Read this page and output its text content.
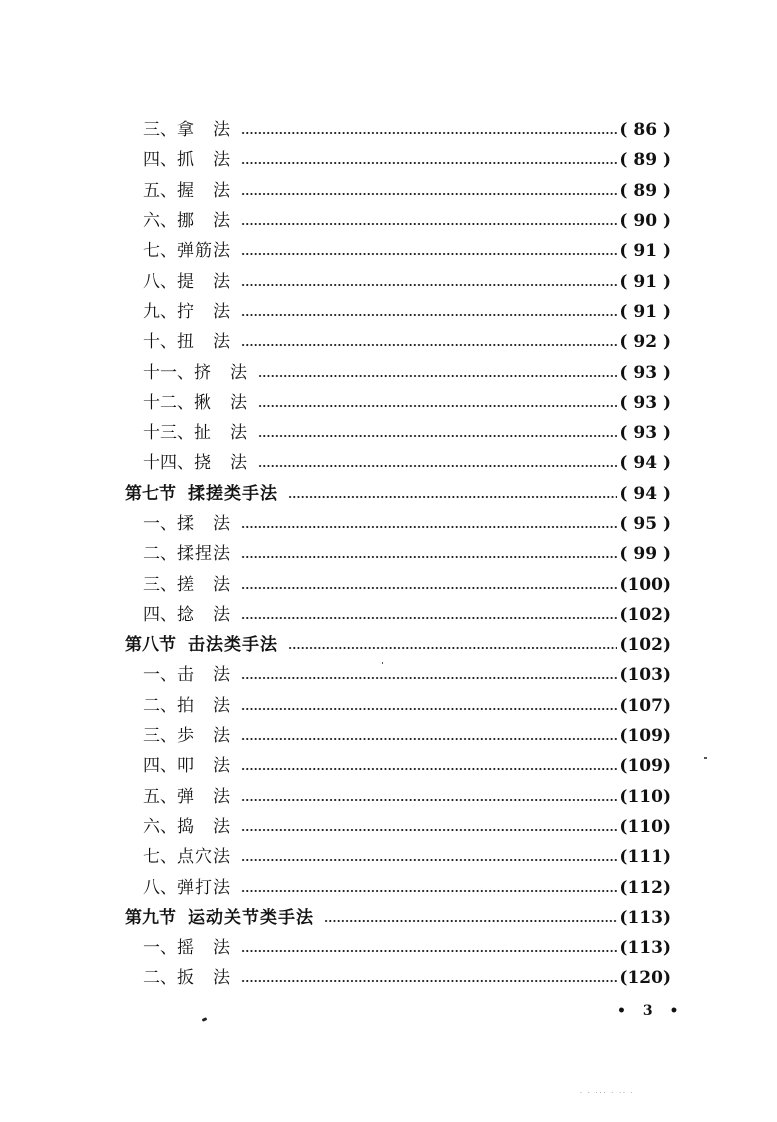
三、 拿　法	( 86 )
四、 抓　法	( 89 )
五、 握　法	( 89 )
六、 挪　法	( 90 )
七、 弹筋法	( 91 )
八、 提　法	( 91 )
九、 拧　法	( 91 )
十、 扭　法	( 92 )
十一、 挤　法	( 93 )
十二、 揪　法	( 93 )
十三、 扯　法	( 93 )
十四、 挠　法	( 94 )
第七节 揉搓类手法	( 94 )
一、 揉　法	( 95 )
二、 揉捏法	( 99 )
三、 搓　法	(100)
四、 捻　法	(102)
第八节 击法类手法	(102)
一、 击　法	(103)
二、 拍　法	(107)
三、 歩　法	(109)
四、 叩　法	(109)
五、 弹　法	(110)
六、 捣　法	(110)
七、 点穴法	(111)
八、 弹打法	(112)
第九节 运动关节类手法	(113)
一、 摇　法	(113)
二、 扳　法	(120)
• 3 •
· · ··· · ·· ·
